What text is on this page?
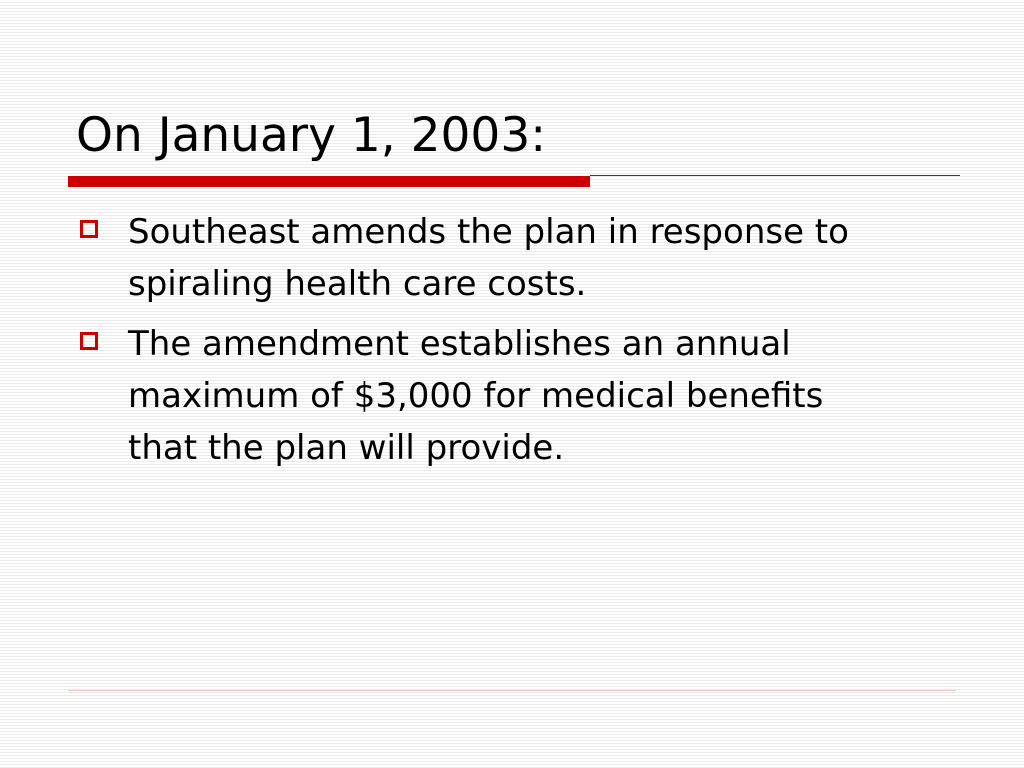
On January 1, 2003:
Southeast amends the plan in response to spiraling health care costs.
The amendment establishes an annual maximum of $3,000 for medical benefits that the plan will provide.
